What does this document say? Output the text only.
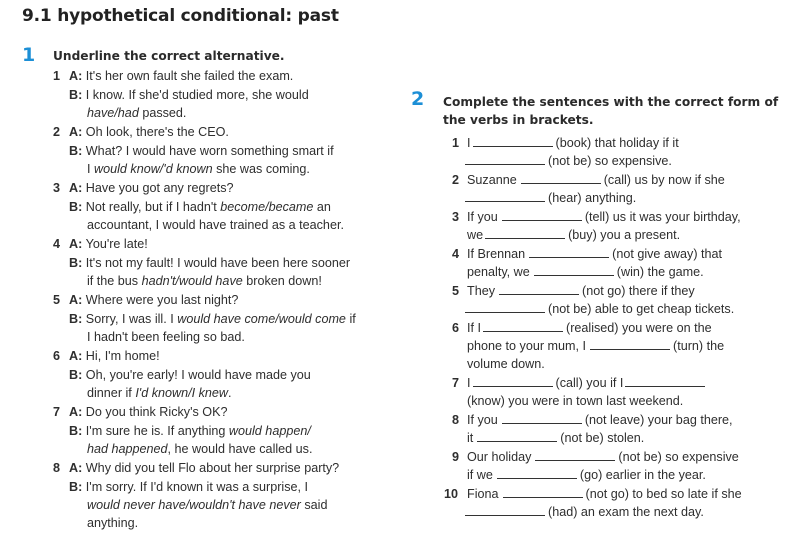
9.1 hypothetical conditional: past
1 Underline the correct alternative.
1 A: It's her own fault she failed the exam.
B: I know. If she'd studied more, she would
have/had passed.
2 A: Oh look, there's the CEO.
B: What? I would have worn something smart if
I would know/'d known she was coming.
3 A: Have you got any regrets?
B: Not really, but if I hadn't become/became an
accountant, I would have trained as a teacher.
4 A: You're late!
B: It's not my fault! I would have been here sooner
if the bus hadn't/would have broken down!
5 A: Where were you last night?
B: Sorry, I was ill. I would have come/would come if
I hadn't been feeling so bad.
6 A: Hi, I'm home!
B: Oh, you're early! I would have made you
dinner if I'd known/I knew.
7 A: Do you think Ricky's OK?
B: I'm sure he is. If anything would happen/
had happened, he would have called us.
8 A: Why did you tell Flo about her surprise party?
B: I'm sorry. If I'd known it was a surprise, I
would never have/wouldn't have never said
anything.
2 Complete the sentences with the correct form of
the verbs in brackets.
1 I	(book) that holiday if it
(not be) so expensive.
2 Suzanne	(call) us by now if she
(hear) anything.
3 If you	(tell) us it was your birthday,
we	(buy) you a present.
4 If Brennan	(not give away) that
penalty, we	(win) the game.
5 They	(not go) there if they
(not be) able to get cheap tickets.
6 If I	(realised) you were on the
phone to your mum, I	(turn) the
volume down.
7 I	(call) you if I
(know) you were in town last weekend.
8 If you	(not leave) your bag there,
it	(not be) stolen.
9 Our holiday	(not be) so expensive
if we	(go) earlier in the year.
10 Fiona	(not go) to bed so late if she
(had) an exam the next day.
